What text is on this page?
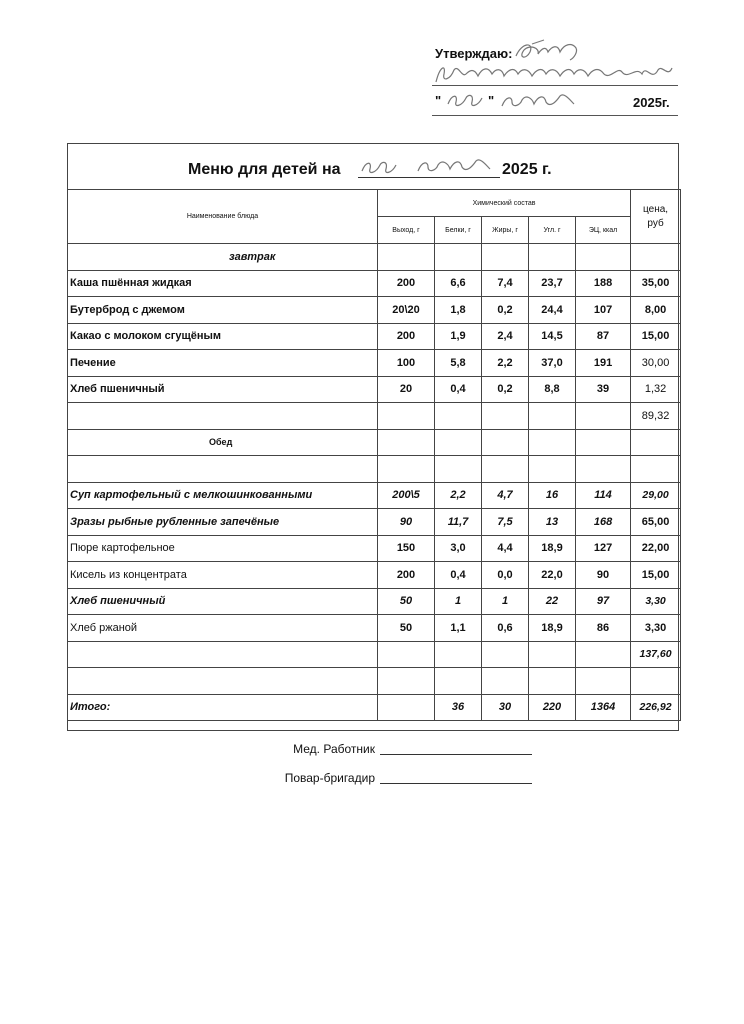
Утверждаю:
"	"	2025г.
Меню для детей на	2025 г.
Наименование блюда	Химический состав					цена, руб
	Выход, г	Белки, г	Жиры, г	Угл. г	ЭЦ, ккал	
завтрак						
Каша пшённая жидкая	200	6,6	7,4	23,7	188	35,00
Бутерброд с джемом	20\20	1,8	0,2	24,4	107	8,00
Какао с молоком сгущёным	200	1,9	2,4	14,5	87	15,00
Печение	100	5,8	2,2	37,0	191	30,00
Хлеб пшеничный	20	0,4	0,2	8,8	39	1,32
						89,32
Обед						

Суп картофельный с мелкошинкованными	200\5	2,2	4,7	16	114	29,00
Зразы рыбные рубленные запечёные	90	11,7	7,5	13	168	65,00
Пюре картофельное	150	3,0	4,4	18,9	127	22,00
Кисель из концентрата	200	0,4	0,0	22,0	90	15,00
Хлеб пшеничный	50	1	1	22	97	3,30
Хлеб ржаной	50	1,1	0,6	18,9	86	3,30
						137,60

Итого:		36	30	220	1364	226,92
Мед. Работник
Повар-бригадир
